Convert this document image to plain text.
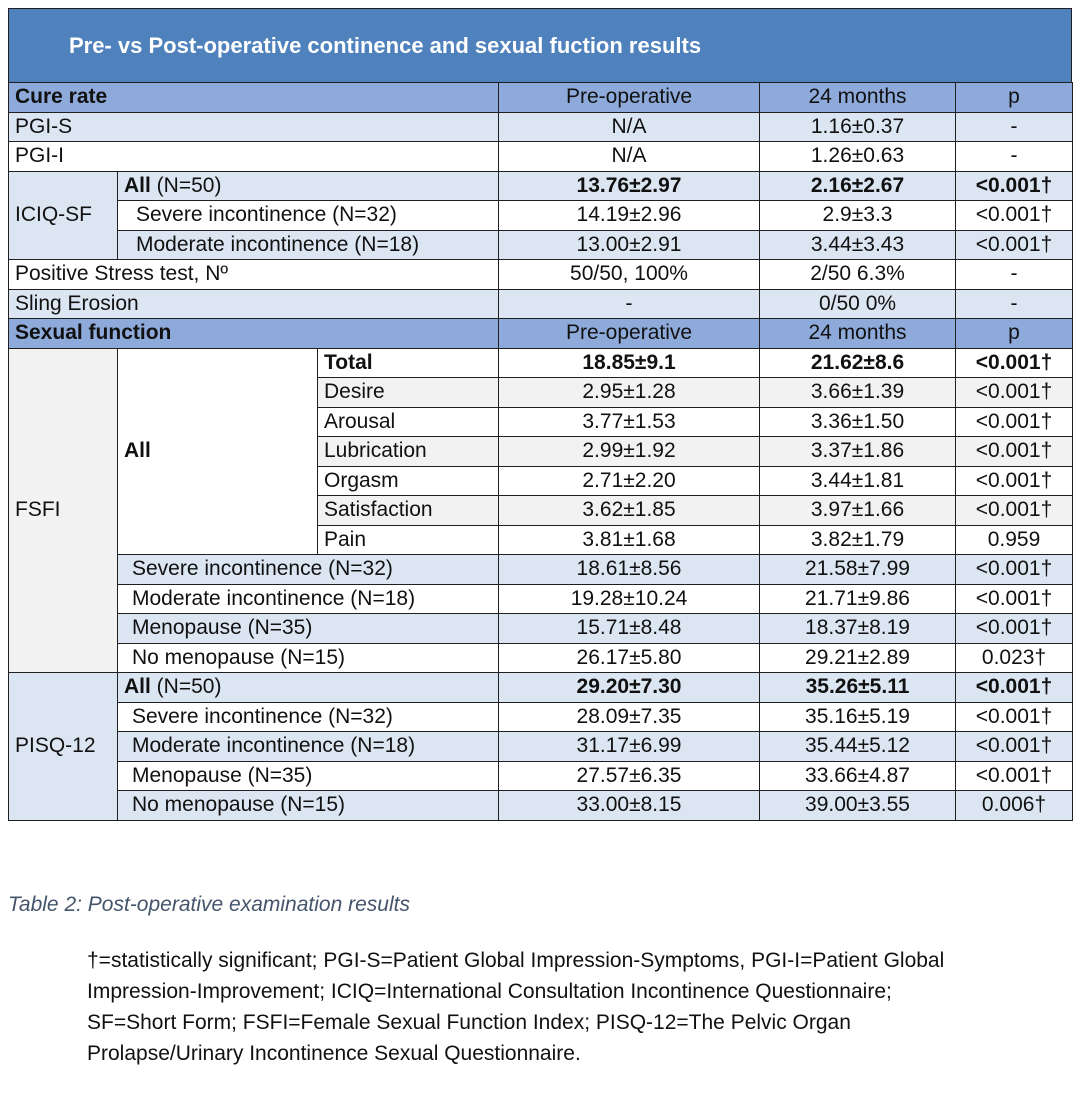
Pre- vs Post-operative continence and sexual fuction results
Cure rate			Pre-operative	24 months	p
PGI-S			N/A	1.16±0.37	-
PGI-I			N/A	1.26±0.63	-
ICIQ-SF	All (N=50)		13.76±2.97	2.16±2.67	<0.001†
	Severe incontinence (N=32)		14.19±2.96	2.9±3.3	<0.001†
	Moderate incontinence (N=18)		13.00±2.91	3.44±3.43	<0.001†
Positive Stress test, Nº			50/50, 100%	2/50 6.3%	-
Sling Erosion			-	0/50 0%	-
Sexual function			Pre-operative	24 months	p
FSFI	All	Total	18.85±9.1	21.62±8.6	<0.001†
		Desire	2.95±1.28	3.66±1.39	<0.001†
		Arousal	3.77±1.53	3.36±1.50	<0.001†
		Lubrication	2.99±1.92	3.37±1.86	<0.001†
		Orgasm	2.71±2.20	3.44±1.81	<0.001†
		Satisfaction	3.62±1.85	3.97±1.66	<0.001†
		Pain	3.81±1.68	3.82±1.79	0.959
	Severe incontinence (N=32)		18.61±8.56	21.58±7.99	<0.001†
	Moderate incontinence (N=18)		19.28±10.24	21.71±9.86	<0.001†
	Menopause (N=35)		15.71±8.48	18.37±8.19	<0.001†
	No menopause (N=15)		26.17±5.80	29.21±2.89	0.023†
PISQ-12	All (N=50)		29.20±7.30	35.26±5.11	<0.001†
	Severe incontinence (N=32)		28.09±7.35	35.16±5.19	<0.001†
	Moderate incontinence (N=18)		31.17±6.99	35.44±5.12	<0.001†
	Menopause (N=35)		27.57±6.35	33.66±4.87	<0.001†
	No menopause (N=15)		33.00±8.15	39.00±3.55	0.006†
Table 2: Post-operative examination results
†=statistically significant; PGI-S=Patient Global Impression-Symptoms, PGI-I=Patient Global Impression-Improvement; ICIQ=International Consultation Incontinence Questionnaire; SF=Short Form; FSFI=Female Sexual Function Index; PISQ-12=The Pelvic Organ Prolapse/Urinary Incontinence Sexual Questionnaire.
